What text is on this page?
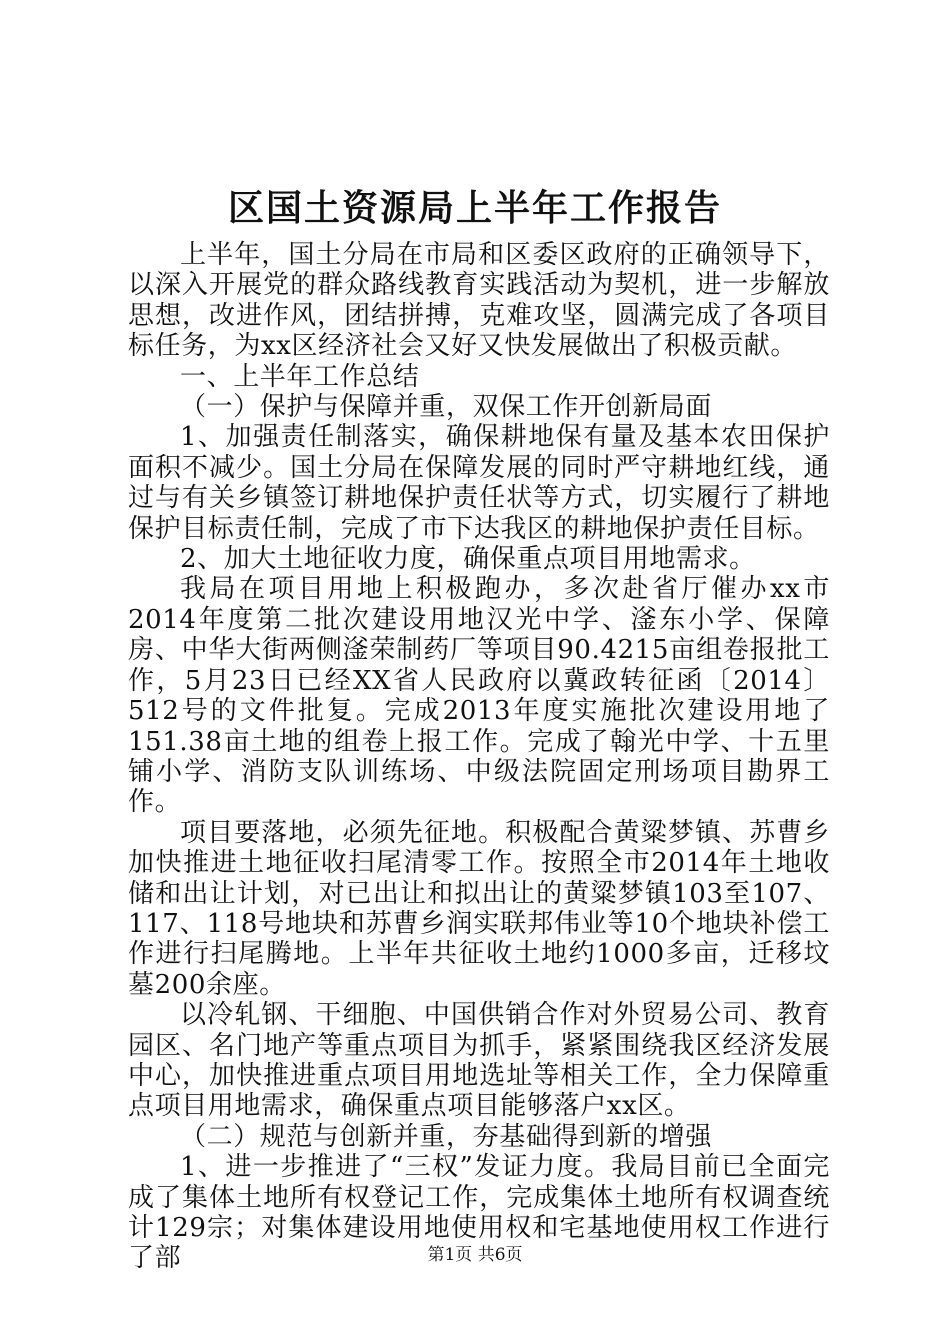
区国土资源局上半年工作报告

上半年，国土分局在市局和区委区政府的正确领导下，以深入开展党的群众路线教育实践活动为契机，进一步解放思想，改进作风，团结拼搏，克难攻坚，圆满完成了各项目标任务，为xx区经济社会又好又快发展做出了积极贡献。

一、上半年工作总结

（一）保护与保障并重，双保工作开创新局面

1、加强责任制落实，确保耕地保有量及基本农田保护面积不减少。国土分局在保障发展的同时严守耕地红线，通过与有关乡镇签订耕地保护责任状等方式，切实履行了耕地保护目标责任制，完成了市下达我区的耕地保护责任目标。

2、加大土地征收力度，确保重点项目用地需求。

我局在项目用地上积极跑办，多次赴省厅催办xx市2014年度第二批次建设用地汉光中学、滏东小学、保障房、中华大街两侧滏荣制药厂等项目90.4215亩组卷报批工作，5月23日已经XX省人民政府以冀政转征函〔2014〕512号的文件批复。完成2013年度实施批次建设用地了151.38亩土地的组卷上报工作。完成了翰光中学、十五里铺小学、消防支队训练场、中级法院固定刑场项目勘界工作。

项目要落地，必须先征地。积极配合黄粱梦镇、苏曹乡加快推进土地征收扫尾清零工作。按照全市2014年土地收储和出让计划，对已出让和拟出让的黄粱梦镇103至107、117、118号地块和苏曹乡润实联邦伟业等10个地块补偿工作进行扫尾腾地。上半年共征收土地约1000多亩，迁移坟墓200余座。

以冷轧钢、干细胞、中国供销合作对外贸易公司、教育园区、名门地产等重点项目为抓手，紧紧围绕我区经济发展中心，加快推进重点项目用地选址等相关工作，全力保障重点项目用地需求，确保重点项目能够落户xx区。

（二）规范与创新并重，夯基础得到新的增强

1、进一步推进了“三权”发证力度。我局目前已全面完成了集体土地所有权登记工作，完成集体土地所有权调查统计129宗；对集体建设用地使用权和宅基地使用权工作进行了部	第1页 共6页
